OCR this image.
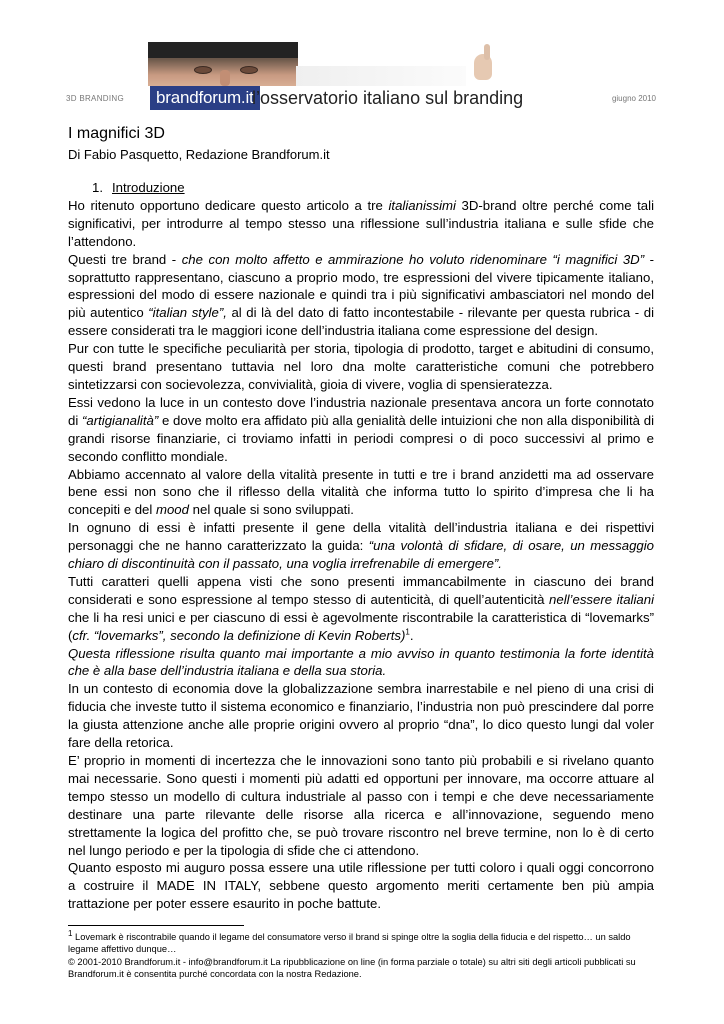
3D BRANDING	brandforum.it
l’osservatorio italiano sul branding	giugno 2010
I magnifici 3D
Di Fabio Pasquetto, Redazione Brandforum.it

1. Introduzione

Ho ritenuto opportuno dedicare questo articolo a tre italianissimi 3D-brand oltre perché come tali significativi, per introdurre al tempo stesso una riflessione sull’industria italiana e sulle sfide che l’attendono.

Questi tre brand - che con molto affetto e ammirazione ho voluto ridenominare “i magnifici 3D” - soprattutto rappresentano, ciascuno a proprio modo, tre espressioni del vivere tipicamente italiano, espressioni del modo di essere nazionale e quindi tra i più significativi ambasciatori nel mondo del più autentico “italian style”, al di là del dato di fatto incontestabile - rilevante per questa rubrica - di essere considerati tra le maggiori icone dell’industria italiana come espressione del design.

Pur con tutte le specifiche peculiarità per storia, tipologia di prodotto, target e abitudini di consumo, questi brand presentano tuttavia nel loro dna molte caratteristiche comuni che potrebbero sintetizzarsi con socievolezza, convivialità, gioia di vivere, voglia di spensieratezza.

Essi vedono la luce in un contesto dove l’industria nazionale presentava ancora un forte connotato di “artigianalità” e dove molto era affidato più alla genialità delle intuizioni che non alla disponibilità di grandi risorse finanziarie, ci troviamo infatti in periodi compresi o di poco successivi al primo e secondo conflitto mondiale.

Abbiamo accennato al valore della vitalità presente in tutti e tre i brand anzidetti ma ad osservare bene essi non sono che il riflesso della vitalità che informa tutto lo spirito d’impresa che li ha concepiti e del mood nel quale si sono sviluppati.

In ognuno di essi è infatti presente il gene della vitalità dell’industria italiana e dei rispettivi personaggi che ne hanno caratterizzato la guida: “una volontà di sfidare, di osare, un messaggio chiaro di discontinuità con il passato, una voglia irrefrenabile di emergere”.

Tutti caratteri quelli appena visti che sono presenti immancabilmente in ciascuno dei brand considerati e sono espressione al tempo stesso di autenticità, di quell’autenticità nell’essere italiani che li ha resi unici e per ciascuno di essi è agevolmente riscontrabile la caratteristica di “lovemarks” (cfr. “lovemarks”, secondo la definizione di Kevin Roberts)$^1$.

Questa riflessione risulta quanto mai importante a mio avviso in quanto testimonia la forte identità che è alla base dell’industria italiana e della sua storia.

In un contesto di economia dove la globalizzazione sembra inarrestabile e nel pieno di una crisi di fiducia che investe tutto il sistema economico e finanziario, l’industria non può prescindere dal porre la giusta attenzione anche alle proprie origini ovvero al proprio “dna”, lo dico questo lungi dal voler fare della retorica.

E’ proprio in momenti di incertezza che le innovazioni sono tanto più probabili e si rivelano quanto mai necessarie. Sono questi i momenti più adatti ed opportuni per innovare, ma occorre attuare al tempo stesso un modello di cultura industriale al passo con i tempi e che deve necessariamente destinare una parte rilevante delle risorse alla ricerca e all’innovazione, seguendo meno strettamente la logica del profitto che, se può trovare riscontro nel breve termine, non lo è di certo nel lungo periodo e per la tipologia di sfide che ci attendono.

Quanto esposto mi auguro possa essere una utile riflessione per tutti coloro i quali oggi concorrono a costruire il MADE IN ITALY, sebbene questo argomento meriti certamente ben più ampia trattazione per poter essere esaurito in poche battute.

$^1$ Lovemark è riscontrabile quando il legame del consumatore verso il brand si spinge oltre la soglia della fiducia e del rispetto… un saldo legame affettivo dunque…
© 2001-2010 Brandforum.it - info@brandforum.it La ripubblicazione on line (in forma parziale o totale) su altri siti degli articoli pubblicati su Brandforum.it è consentita purché concordata con la nostra Redazione.
